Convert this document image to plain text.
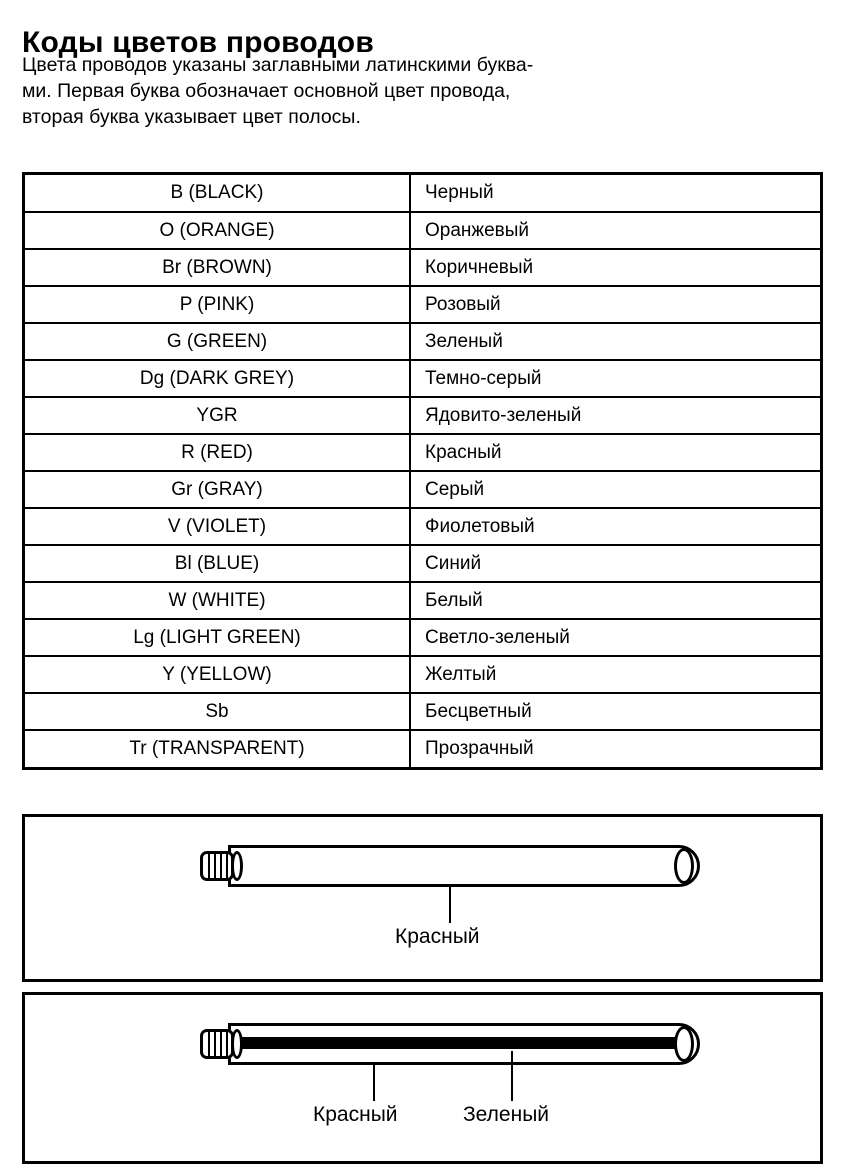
Коды цветов проводов
Цвета проводов указаны заглавными латинскими буква-
ми. Первая буква обозначает основной цвет провода,
вторая буква указывает цвет полосы.
B (BLACK)	Черный
O (ORANGE)	Оранжевый
Br (BROWN)	Коричневый
P (PINK)	Розовый
G (GREEN)	Зеленый
Dg (DARK GREY)	Темно-серый
YGR	Ядовито-зеленый
R (RED)	Красный
Gr (GRAY)	Серый
V (VIOLET)	Фиолетовый
Bl (BLUE)	Синий
W (WHITE)	Белый
Lg (LIGHT GREEN)	Светло-зеленый
Y (YELLOW)	Желтый
Sb	Бесцветный
Tr (TRANSPARENT)	Прозрачный
Красный
Красный	Зеленый
